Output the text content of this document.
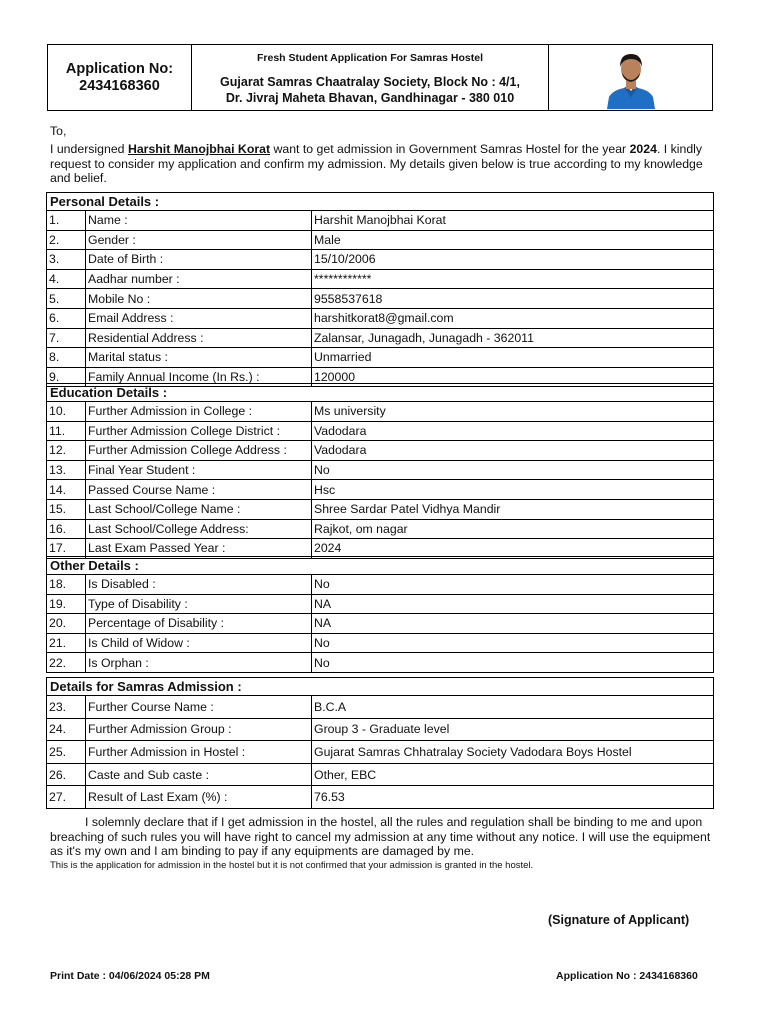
Application No:
2434168360
Fresh Student Application For Samras Hostel
Gujarat Samras Chaatralay Society, Block No : 4/1,
Dr. Jivraj Maheta Bhavan, Gandhinagar - 380 010
To,
I undersigned Harshit Manojbhai Korat want to get admission in Government Samras Hostel for the year 2024. I kindly request to consider my application and confirm my admission. My details given below is true according to my knowledge and belief.
Personal Details :
1.	Name :	Harshit Manojbhai Korat
2.	Gender :	Male
3.	Date of Birth :	15/10/2006
4.	Aadhar number :	************
5.	Mobile No :	9558537618
6.	Email Address :	harshitkorat8@gmail.com
7.	Residential Address :	Zalansar, Junagadh, Junagadh - 362011
8.	Marital status :	Unmarried
9.	Family Annual Income (In Rs.) :	120000
Education Details :
10.	Further Admission in College :	Ms university
11.	Further Admission College District :	Vadodara
12.	Further Admission College Address :	Vadodara
13.	Final Year Student :	No
14.	Passed Course Name :	Hsc
15.	Last School/College Name :	Shree Sardar Patel Vidhya Mandir
16.	Last School/College Address:	Rajkot, om nagar
17.	Last Exam Passed Year :	2024
Other Details :
18.	Is Disabled :	No
19.	Type of Disability :	NA
20.	Percentage of Disability :	NA
21.	Is Child of Widow :	No
22.	Is Orphan :	No
Details for Samras Admission :
23.	Further Course Name :	B.C.A
24.	Further Admission Group :	Group 3 - Graduate level
25.	Further Admission in Hostel :	Gujarat Samras Chhatralay Society Vadodara Boys Hostel
26.	Caste and Sub caste :	Other, EBC
27.	Result of Last Exam (%) :	76.53
I solemnly declare that if I get admission in the hostel, all the rules and regulation shall be binding to me and upon breaching of such rules you will have right to cancel my admission at any time without any notice. I will use the equipment as it's my own and I am binding to pay if any equipments are damaged by me.
This is the application for admission in the hostel but it is not confirmed that your admission is granted in the hostel.
(Signature of Applicant)
Print Date : 04/06/2024 05:28 PM	Application No : 2434168360
